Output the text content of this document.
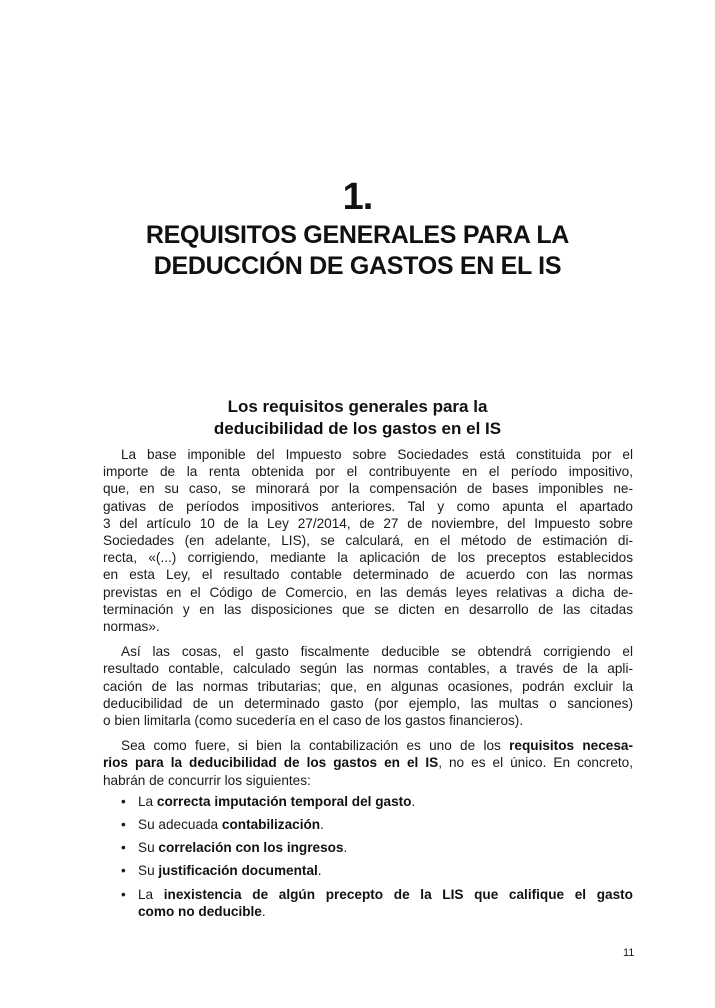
1.
REQUISITOS GENERALES PARA LA
DEDUCCIÓN DE GASTOS EN EL IS
Los requisitos generales para la
deducibilidad de los gastos en el IS
La base imponible del Impuesto sobre Sociedades está constituida por el
importe de la renta obtenida por el contribuyente en el período impositivo,
que, en su caso, se minorará por la compensación de bases imponibles ne-
gativas de períodos impositivos anteriores. Tal y como apunta el apartado
3 del artículo 10 de la Ley 27/2014, de 27 de noviembre, del Impuesto sobre
Sociedades (en adelante, LIS), se calculará, en el método de estimación di-
recta, «(...) corrigiendo, mediante la aplicación de los preceptos establecidos
en esta Ley, el resultado contable determinado de acuerdo con las normas
previstas en el Código de Comercio, en las demás leyes relativas a dicha de-
terminación y en las disposiciones que se dicten en desarrollo de las citadas
normas».
Así las cosas, el gasto fiscalmente deducible se obtendrá corrigiendo el
resultado contable, calculado según las normas contables, a través de la apli-
cación de las normas tributarias; que, en algunas ocasiones, podrán excluir la
deducibilidad de un determinado gasto (por ejemplo, las multas o sanciones)
o bien limitarla (como sucedería en el caso de los gastos financieros).
Sea como fuere, si bien la contabilización es uno de los requisitos necesa-
rios para la deducibilidad de los gastos en el IS, no es el único. En concreto,
habrán de concurrir los siguientes:
• La correcta imputación temporal del gasto.
• Su adecuada contabilización.
• Su correlación con los ingresos.
• Su justificación documental.
• La inexistencia de algún precepto de la LIS que califique el gasto
como no deducible.
11
